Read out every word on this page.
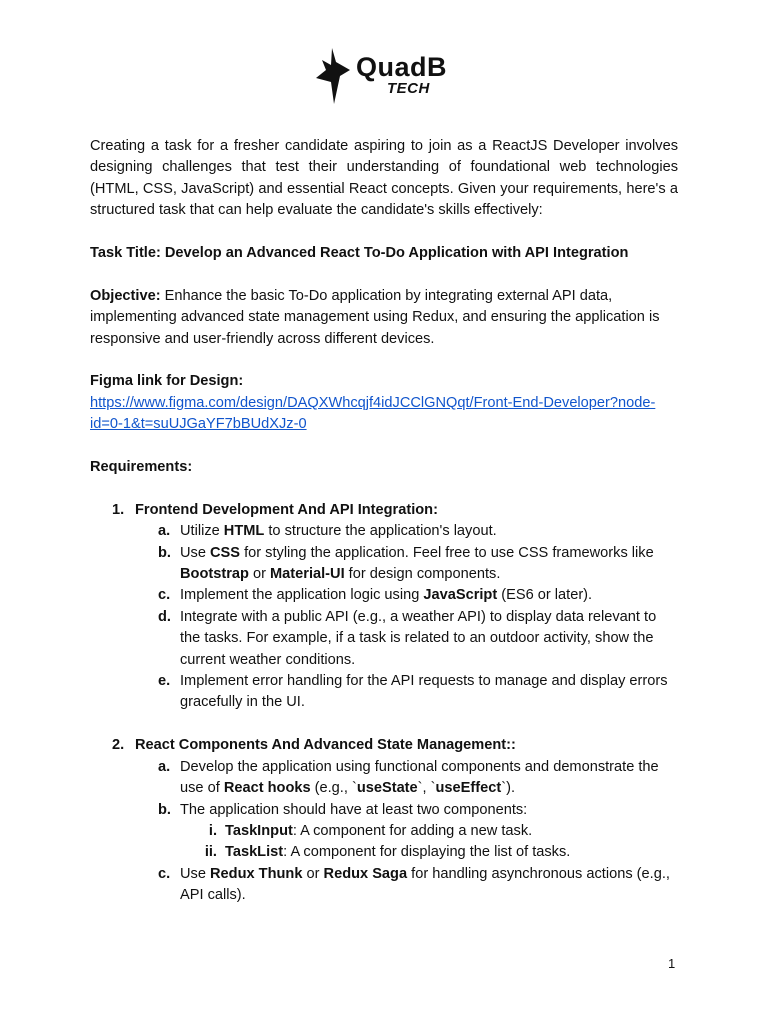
QuadB
TECH

Creating a task for a fresher candidate aspiring to join as a ReactJS Developer involves designing challenges that test their understanding of foundational web technologies (HTML, CSS, JavaScript) and essential React concepts. Given your requirements, here's a structured task that can help evaluate the candidate's skills effectively:

Task Title: Develop an Advanced React To-Do Application with API Integration

Objective: Enhance the basic To-Do application by integrating external API data, implementing advanced state management using Redux, and ensuring the application is responsive and user-friendly across different devices.

Figma link for Design:

https://www.figma.com/design/DAQXWhcqjf4idJCClGNQqt/Front-End-Developer?node-id=0-1&t=suUJGaYF7bBUdXJz-0

Requirements:

1. Frontend Development And API Integration:
a. Utilize HTML to structure the application's layout.
b. Use CSS for styling the application. Feel free to use CSS frameworks like Bootstrap or Material-UI for design components.
c. Implement the application logic using JavaScript (ES6 or later).
d. Integrate with a public API (e.g., a weather API) to display data relevant to the tasks. For example, if a task is related to an outdoor activity, show the current weather conditions.
e. Implement error handling for the API requests to manage and display errors gracefully in the UI.
2. React Components And Advanced State Management::
a. Develop the application using functional components and demonstrate the use of React hooks (e.g., `useState`, `useEffect`).
b. The application should have at least two components:
i. TaskInput: A component for adding a new task.
ii. TaskList: A component for displaying the list of tasks.
c. Use Redux Thunk or Redux Saga for handling asynchronous actions (e.g., API calls).
1
